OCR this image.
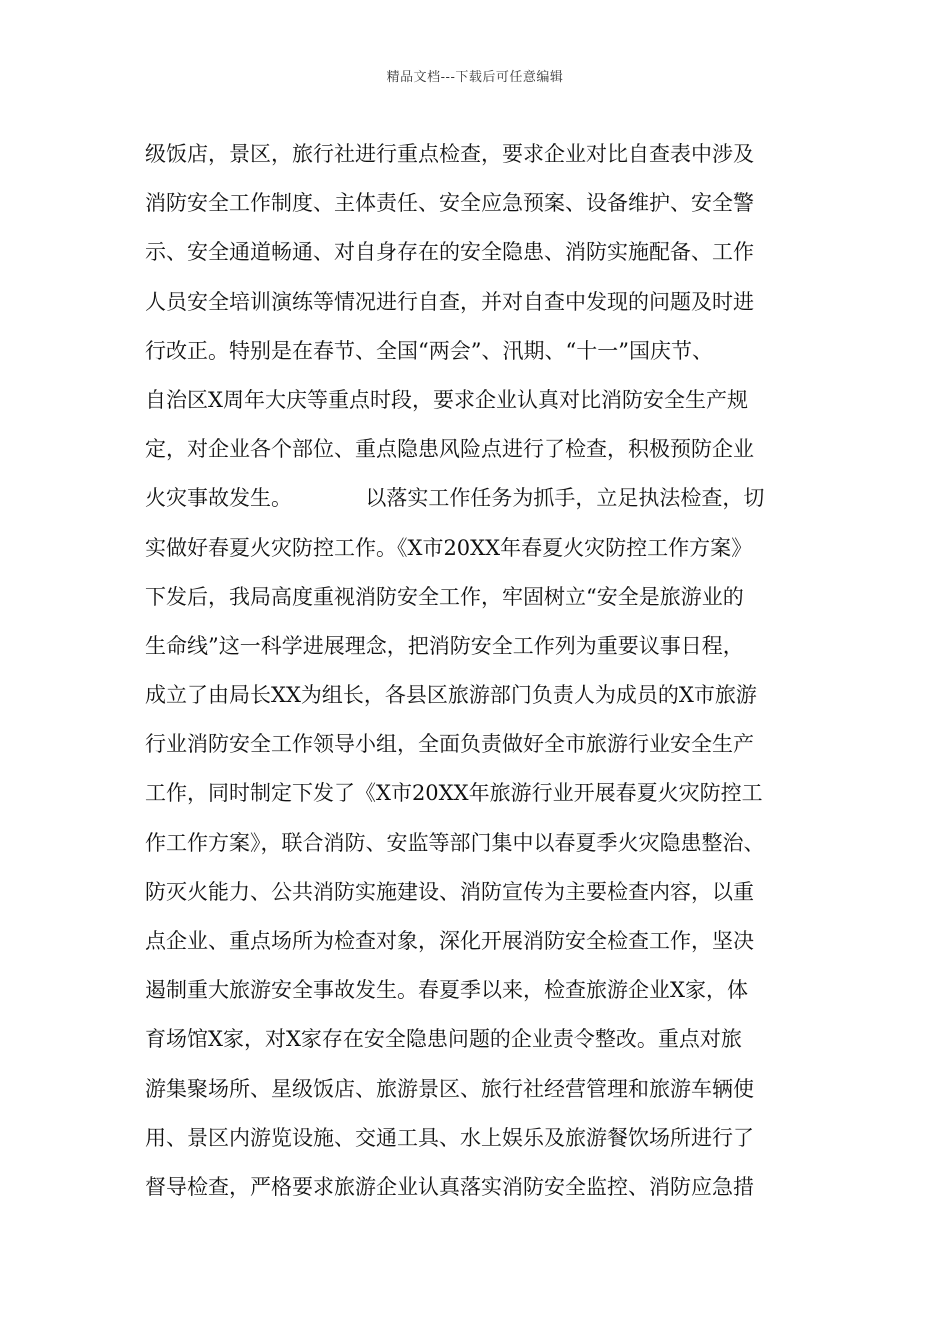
精品文档---下载后可任意编辑
级饭店，景区，旅行社进行重点检查，要求企业对比自查表中涉及
消防安全工作制度、主体责任、安全应急预案、设备维护、安全警
示、安全通道畅通、对自身存在的安全隐患、消防实施配备、工作
人员安全培训演练等情况进行自查，并对自查中发现的问题及时进
行改正。特别是在春节、全国“两会”、汛期、“十一”国庆节、
自治区X周年大庆等重点时段，要求企业认真对比消防安全生产规
定，对企业各个部位、重点隐患风险点进行了检查，积极预防企业
火灾事故发生。           以落实工作任务为抓手，立足执法检查，切
实做好春夏火灾防控工作。《X市20XX年春夏火灾防控工作方案》
下发后，我局高度重视消防安全工作，牢固树立“安全是旅游业的
生命线”这一科学进展理念，把消防安全工作列为重要议事日程，
成立了由局长XX为组长，各县区旅游部门负责人为成员的X市旅游
行业消防安全工作领导小组，全面负责做好全市旅游行业安全生产
工作，同时制定下发了《X市20XX年旅游行业开展春夏火灾防控工
作工作方案》，联合消防、安监等部门集中以春夏季火灾隐患整治、
防灭火能力、公共消防实施建设、消防宣传为主要检查内容，以重
点企业、重点场所为检查对象，深化开展消防安全检查工作，坚决
遏制重大旅游安全事故发生。春夏季以来，检查旅游企业X家，体
育场馆X家，对X家存在安全隐患问题的企业责令整改。重点对旅
游集聚场所、星级饭店、旅游景区、旅行社经营管理和旅游车辆使
用、景区内游览设施、交通工具、水上娱乐及旅游餐饮场所进行了
督导检查，严格要求旅游企业认真落实消防安全监控、消防应急措
